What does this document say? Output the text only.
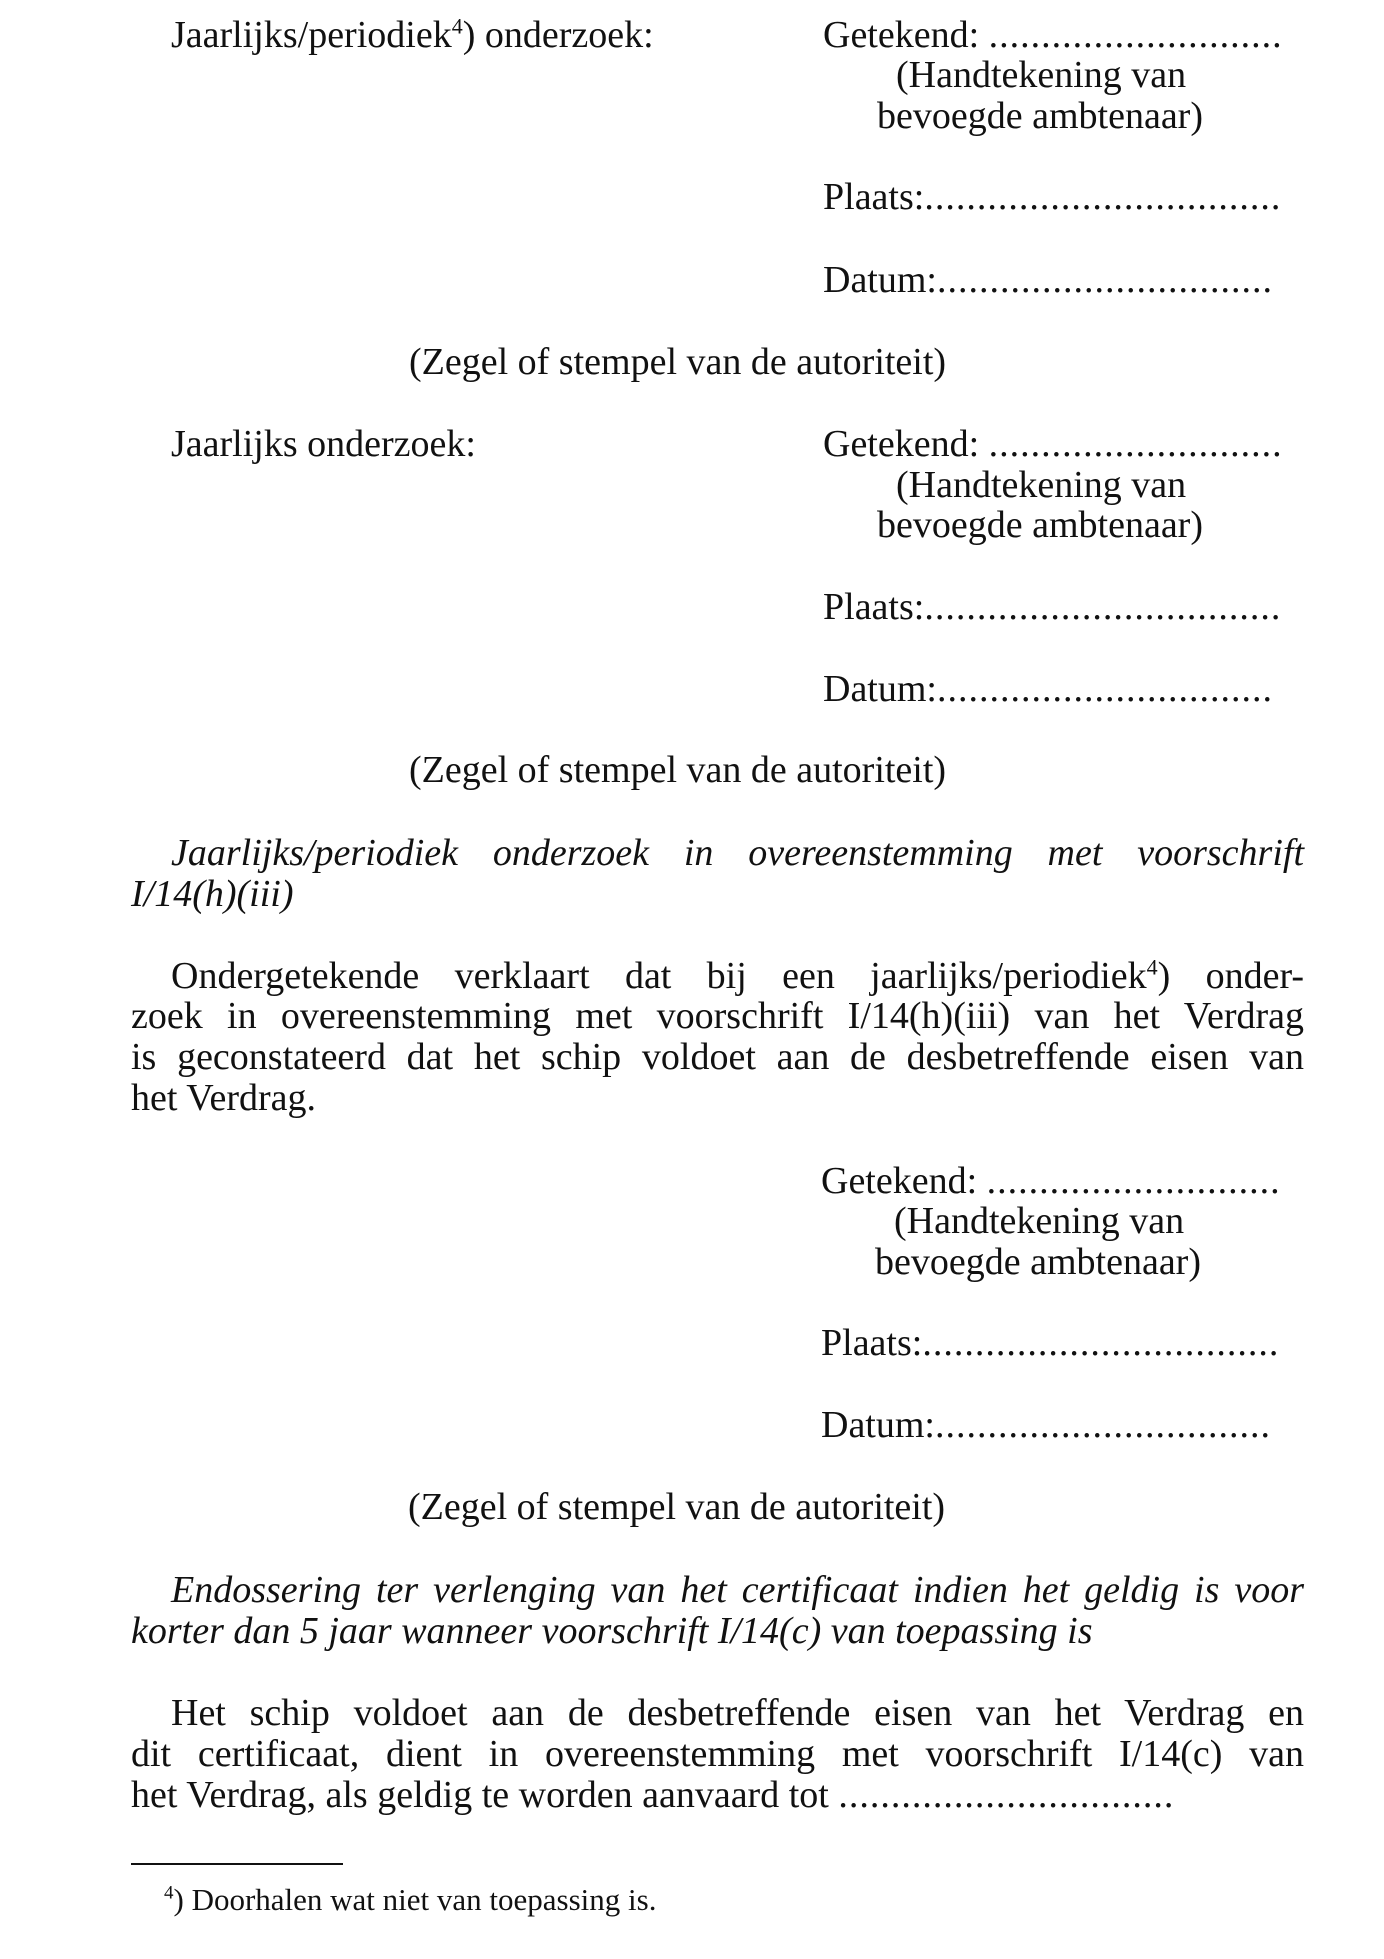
Jaarlijks/periodiek$^4$) onderzoek:	Getekend: ............................
(Handtekening van
bevoegde ambtenaar)
Plaats:..................................
Datum:................................
(Zegel of stempel van de autoriteit)
Jaarlijks onderzoek:	Getekend: ............................
(Handtekening van
bevoegde ambtenaar)
Plaats:..................................
Datum:................................
(Zegel of stempel van de autoriteit)
Jaarlijks/periodiek onderzoek in overeenstemming met voorschrift
I/14(h)(iii)
Ondergetekende verklaart dat bij een jaarlijks/periodiek$^4$) onder-
zoek in overeenstemming met voorschrift I/14(h)(iii) van het Verdrag
is geconstateerd dat het schip voldoet aan de desbetreffende eisen van
het Verdrag.
Getekend: ............................
(Handtekening van
bevoegde ambtenaar)
Plaats:..................................
Datum:................................
(Zegel of stempel van de autoriteit)
Endossering ter verlenging van het certificaat indien het geldig is voor
korter dan 5 jaar wanneer voorschrift I/14(c) van toepassing is
Het schip voldoet aan de desbetreffende eisen van het Verdrag en
dit certificaat, dient in overeenstemming met voorschrift I/14(c) van
het Verdrag, als geldig te worden aanvaard tot ................................
$^4$) Doorhalen wat niet van toepassing is.
